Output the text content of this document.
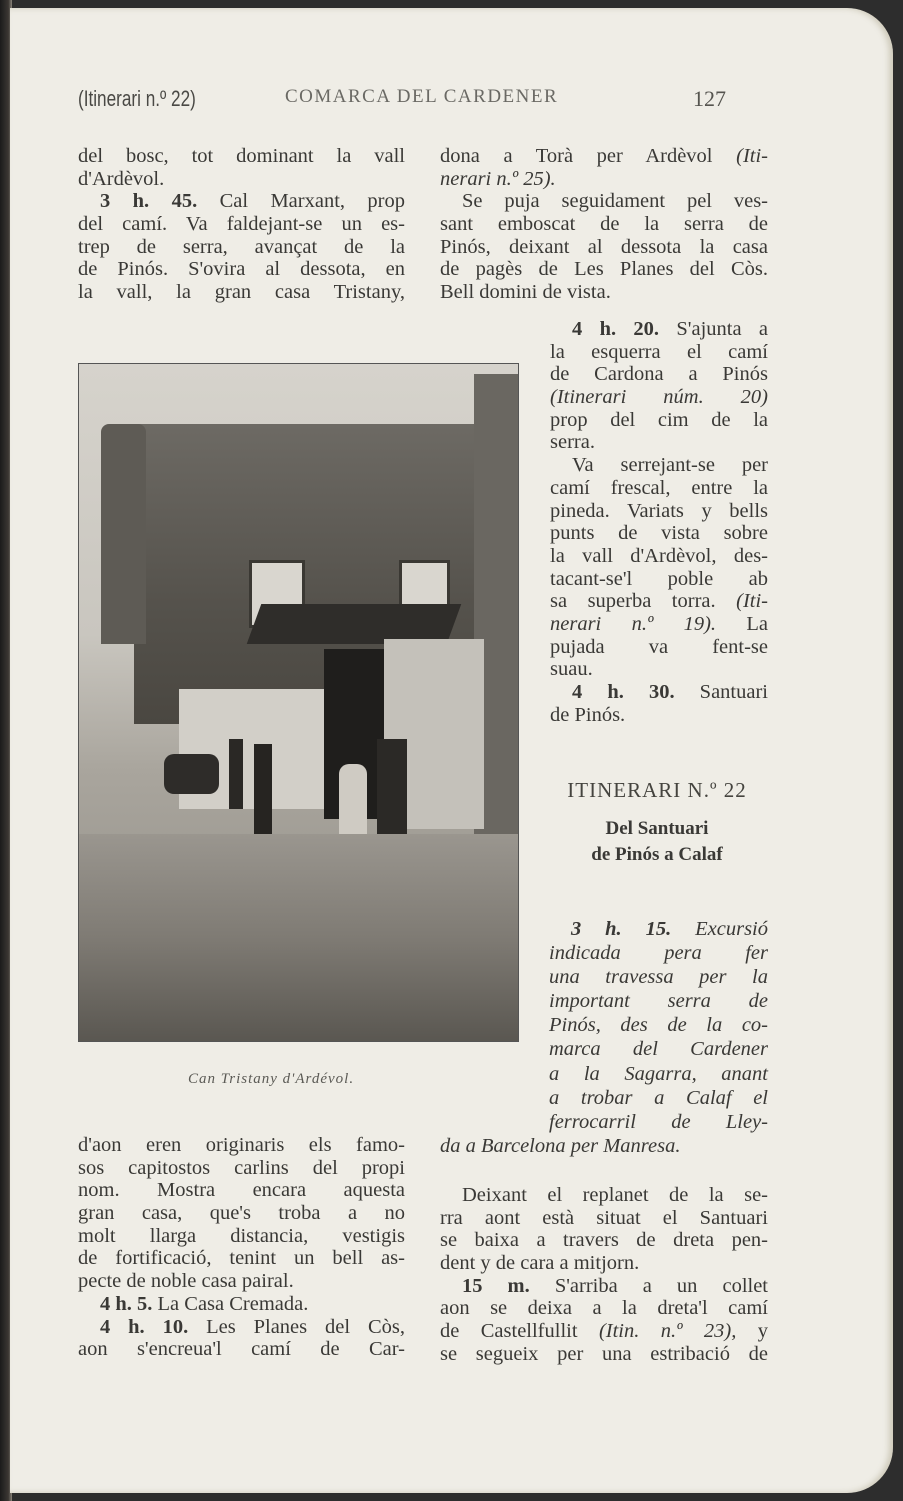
(Itinerari n.º 22)	COMARCA DEL CARDENER	127
del bosc, tot dominant la vall
d'Ardèvol.
3 h. 45. Cal Marxant, prop
del camí. Va faldejant-se un es-
trep de serra, avançat de la
de Pinós. S'ovira al dessota, en
la vall, la gran casa Tristany,
dona a Torà per Ardèvol (Iti-
nerari n.º 25).
Se puja seguidament pel ves-
sant emboscat de la serra de
Pinós, deixant al dessota la casa
de pagès de Les Planes del Còs.
Bell domini de vista.
4 h. 20. S'ajunta a
la esquerra el camí
de Cardona a Pinós
(Itinerari núm. 20)
prop del cim de la
serra.
Va serrejant-se per
camí frescal, entre la
pineda. Variats y bells
punts de vista sobre
la vall d'Ardèvol, des-
tacant-se'l poble ab
sa superba torra. (Iti-
nerari n.º 19). La
pujada va fent-se
suau.
4 h. 30. Santuari
de Pinós.
ITINERARI N.º 22
Del Santuari
de Pinós a Calaf
3 h. 15. Excursió
indicada pera fer
una travessa per la
important serra de
Pinós, des de la co-
marca del Cardener
a la Sagarra, anant
a trobar a Calaf el
ferrocarril de Lley-
da a Barcelona per Manresa.
Can Tristany d'Ardévol.
d'aon eren originaris els famo-
sos capitostos carlins del propi
nom. Mostra encara aquesta
gran casa, que's troba a no
molt llarga distancia, vestigis
de fortificació, tenint un bell as-
pecte de noble casa pairal.
4 h. 5. La Casa Cremada.
4 h. 10. Les Planes del Còs,
aon s'encreua'l camí de Car-
Deixant el replanet de la se-
rra aont està situat el Santuari
se baixa a travers de dreta pen-
dent y de cara a mitjorn.
15 m. S'arriba a un collet
aon se deixa a la dreta'l camí
de Castellfullit (Itin. n.º 23), y
se segueix per una estribació de
